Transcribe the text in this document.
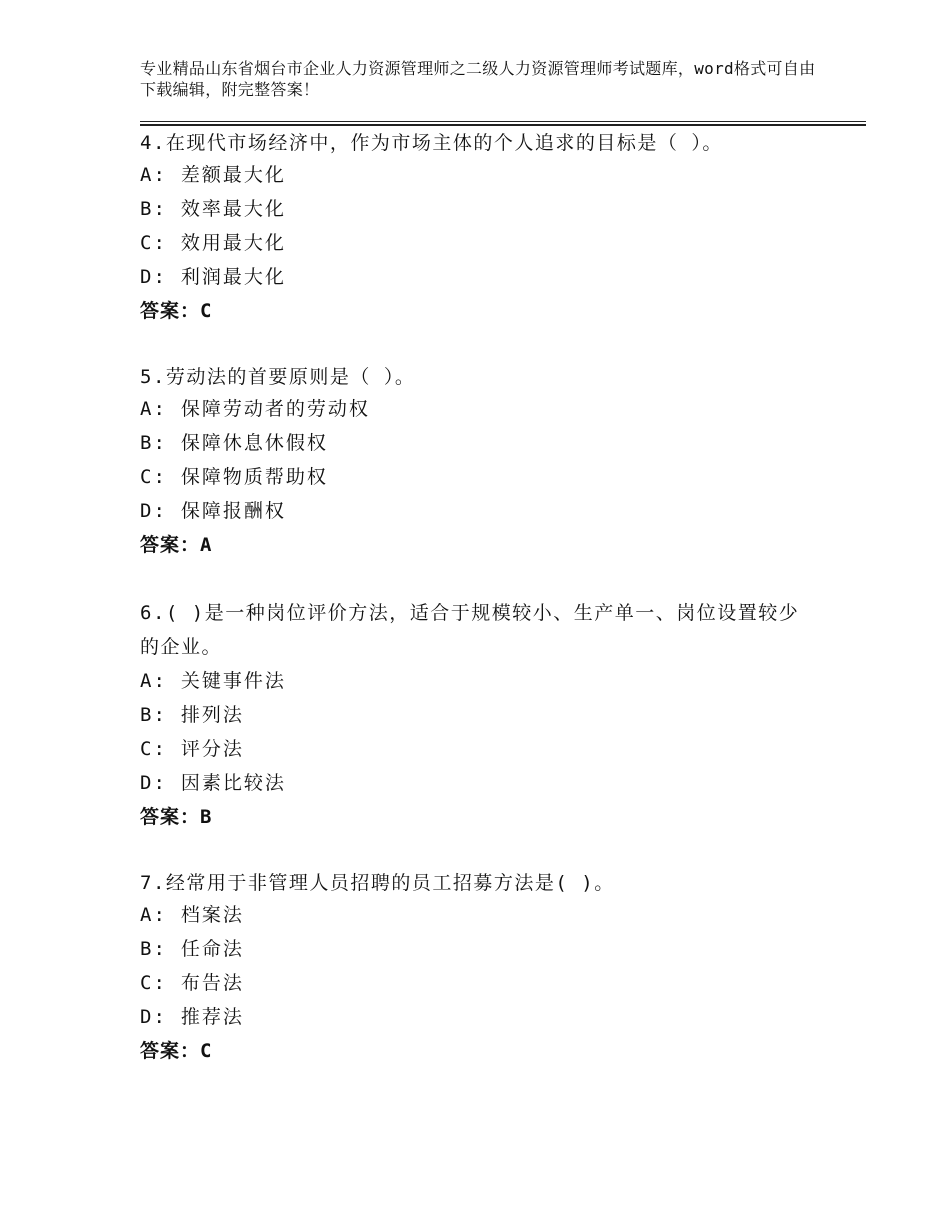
专业精品山东省烟台市企业人力资源管理师之二级人力资源管理师考试题库，word格式可自由下载编辑，附完整答案！
4.在现代市场经济中，作为市场主体的个人追求的目标是（ ）。
A: 差额最大化
B: 效率最大化
C: 效用最大化
D: 利润最大化
答案：C
5.劳动法的首要原则是（ ）。
A: 保障劳动者的劳动权
B: 保障休息休假权
C: 保障物质帮助权
D: 保障报酬权
答案：A
6.( )是一种岗位评价方法，适合于规模较小、生产单一、岗位设置较少的企业。
A: 关键事件法
B: 排列法
C: 评分法
D: 因素比较法
答案：B
7.经常用于非管理人员招聘的员工招募方法是( )。
A: 档案法
B: 任命法
C: 布告法
D: 推荐法
答案：C
